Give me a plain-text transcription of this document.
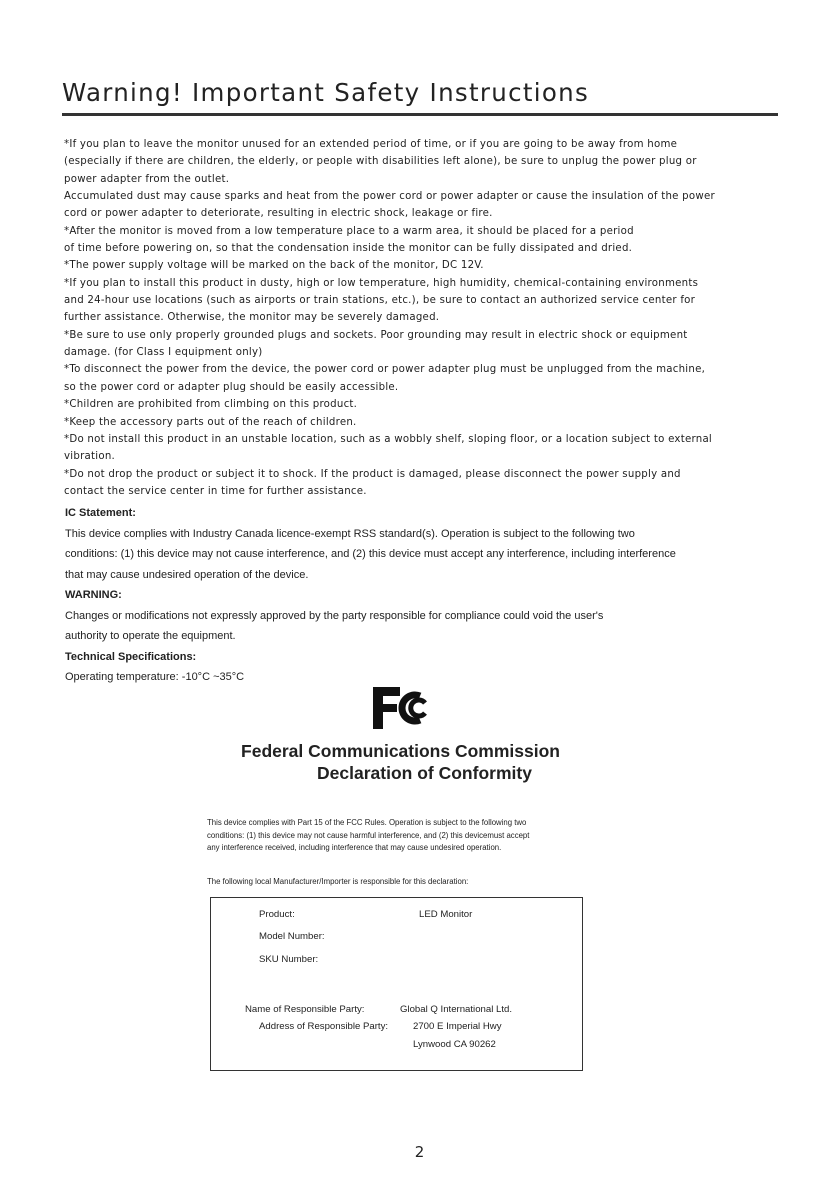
Warning! Important Safety Instructions
*If you plan to leave the monitor unused for an extended period of time, or if you are going to be away from home
(especially if there are children, the elderly, or people with disabilities left alone), be sure to unplug the power plug or
power adapter from the outlet.
Accumulated dust may cause sparks and heat from the power cord or power adapter or cause the insulation of the power
cord or power adapter to deteriorate, resulting in electric shock, leakage or fire.
*After the monitor is moved from a low temperature place to a warm area, it should be placed for a period
of time before powering on, so that the condensation inside the monitor can be fully dissipated and dried.
*The power supply voltage will be marked on the back of the monitor, DC 12V.
*If you plan to install this product in dusty, high or low temperature, high humidity, chemical-containing environments
and 24-hour use locations (such as airports or train stations, etc.), be sure to contact an authorized service center for
further assistance. Otherwise, the monitor may be severely damaged.
*Be sure to use only properly grounded plugs and sockets. Poor grounding may result in electric shock or equipment
damage. (for Class I equipment only)
*To disconnect the power from the device, the power cord or power adapter plug must be unplugged from the machine,
so the power cord or adapter plug should be easily accessible.
*Children are prohibited from climbing on this product.
*Keep the accessory parts out of the reach of children.
*Do not install this product in an unstable location, such as a wobbly shelf, sloping floor, or a location subject to external
vibration.
*Do not drop the product or subject it to shock. If the product is damaged, please disconnect the power supply and
contact the service center in time for further assistance.
IC Statement:
This device complies with Industry Canada licence-exempt RSS standard(s). Operation is subject to the following two
conditions: (1) this device may not cause interference, and (2) this device must accept any interference, including interference
that may cause undesired operation of the device.
WARNING:
Changes or modifications not expressly approved by the party responsible for compliance could void the user's
authority to operate the equipment.
Technical Specifications:
Operating temperature: -10°C ~35°C
Federal Communications Commission
Declaration of Conformity
This device complies with Part 15 of the FCC Rules. Operation is subject to the following two
conditions: (1) this device may not cause harmful interference, and (2) this devicemust accept
any interference received, including interference that may cause undesired operation.
The following local Manufacturer/Importer is responsible for this declaration:
Product:	LED Monitor
Model Number:
SKU Number:
Name of Responsible Party:	Global Q International Ltd.
Address of Responsible Party:	2700 E Imperial Hwy
Lynwood CA 90262
2
